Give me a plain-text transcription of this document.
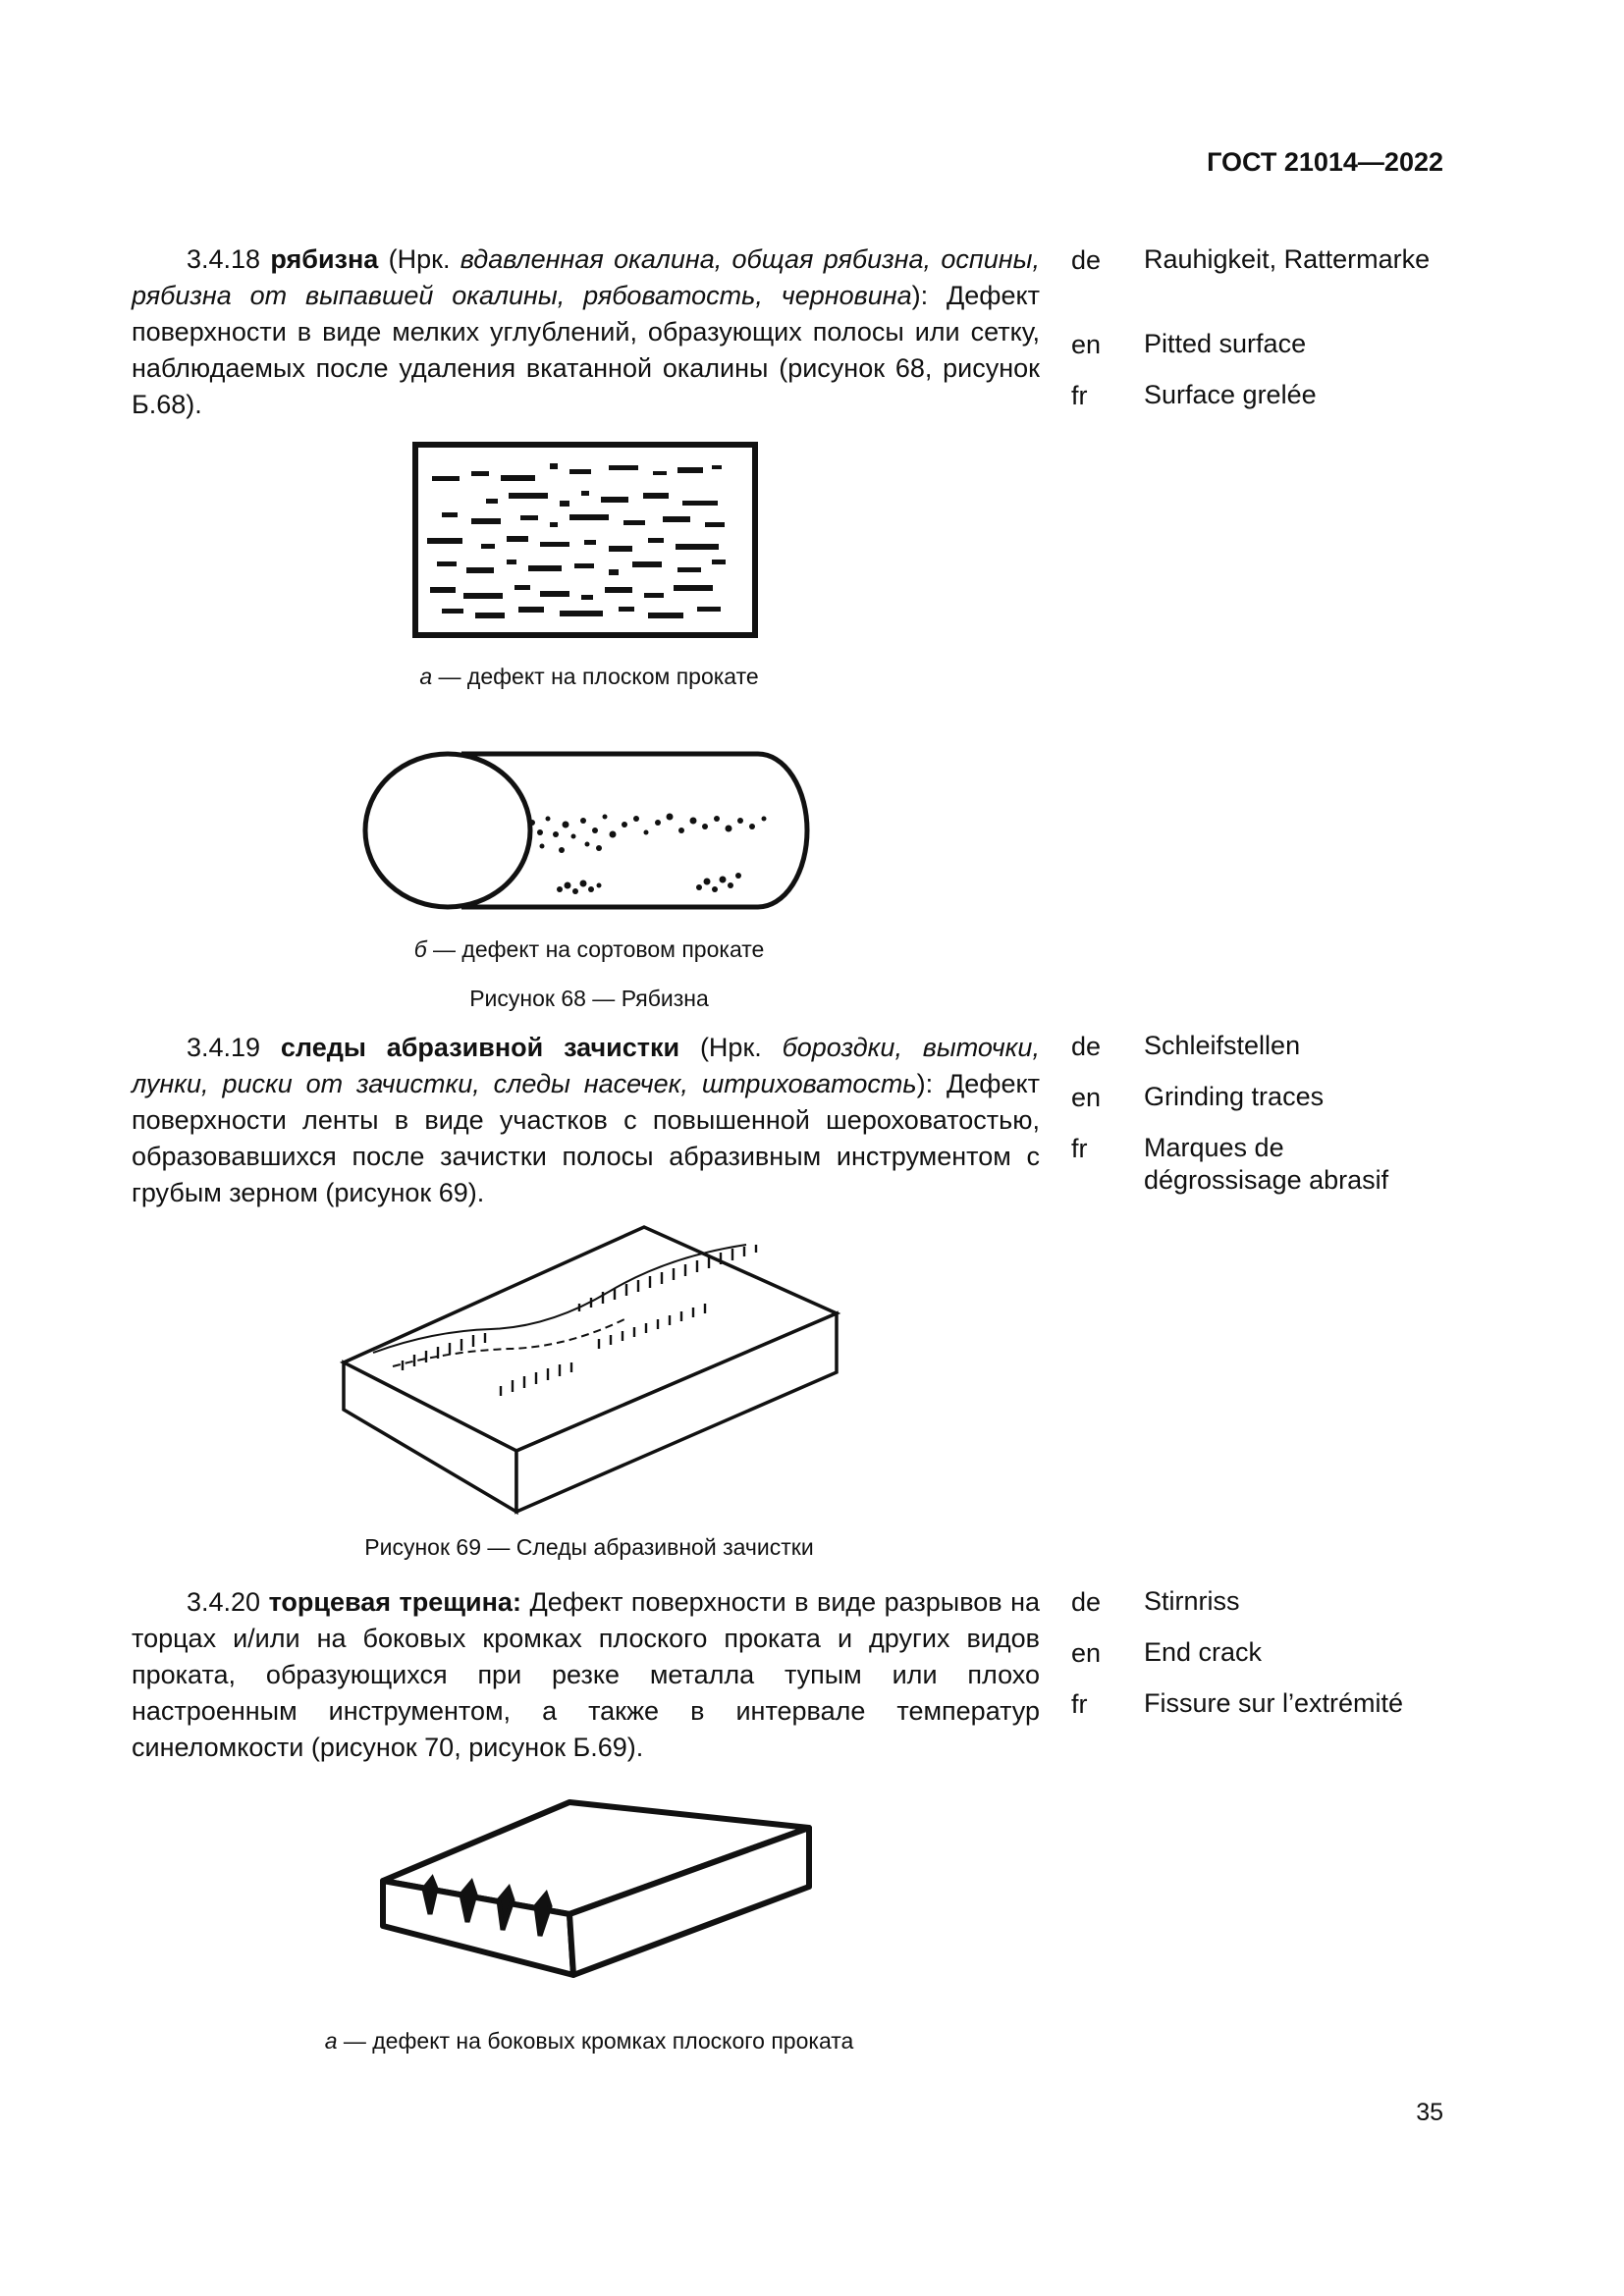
ГОСТ 21014—2022
3.4.18 рябизна (Нрк. вдавленная окалина, общая рябизна, оспины, рябизна от выпавшей окалины, рябоватость, черновина): Дефект поверхности в виде мелких углублений, образующих полосы или сетку, наблюдаемых после удаления вкатанной окалины (рисунок 68, рисунок Б.68).
de Rauhigkeit, Rattermarke
en Pitted surface
fr Surface grelée
а — дефект на плоском прокате
б — дефект на сортовом прокате
Рисунок 68 — Рябизна
3.4.19 следы абразивной зачистки (Нрк. бороздки, выточки, лунки, риски от зачистки, следы насечек, штриховатость): Дефект поверхности ленты в виде участков с повышенной шероховатостью, образовавшихся после зачистки полосы абразивным инструментом с грубым зерном (рисунок 69).
de Schleifstellen
en Grinding traces
fr Marques de dégrossisage abrasif
Рисунок 69 — Следы абразивной зачистки
3.4.20 торцевая трещина: Дефект поверхности в виде разрывов на торцах и/или на боковых кромках плоского проката и других видов проката, образующихся при резке металла тупым или плохо настроенным инструментом, а также в интервале температур синеломкости (рисунок 70, рисунок Б.69).
de Stirnriss
en End crack
fr Fissure sur l’extrémité
а — дефект на боковых кромках плоского проката
35
